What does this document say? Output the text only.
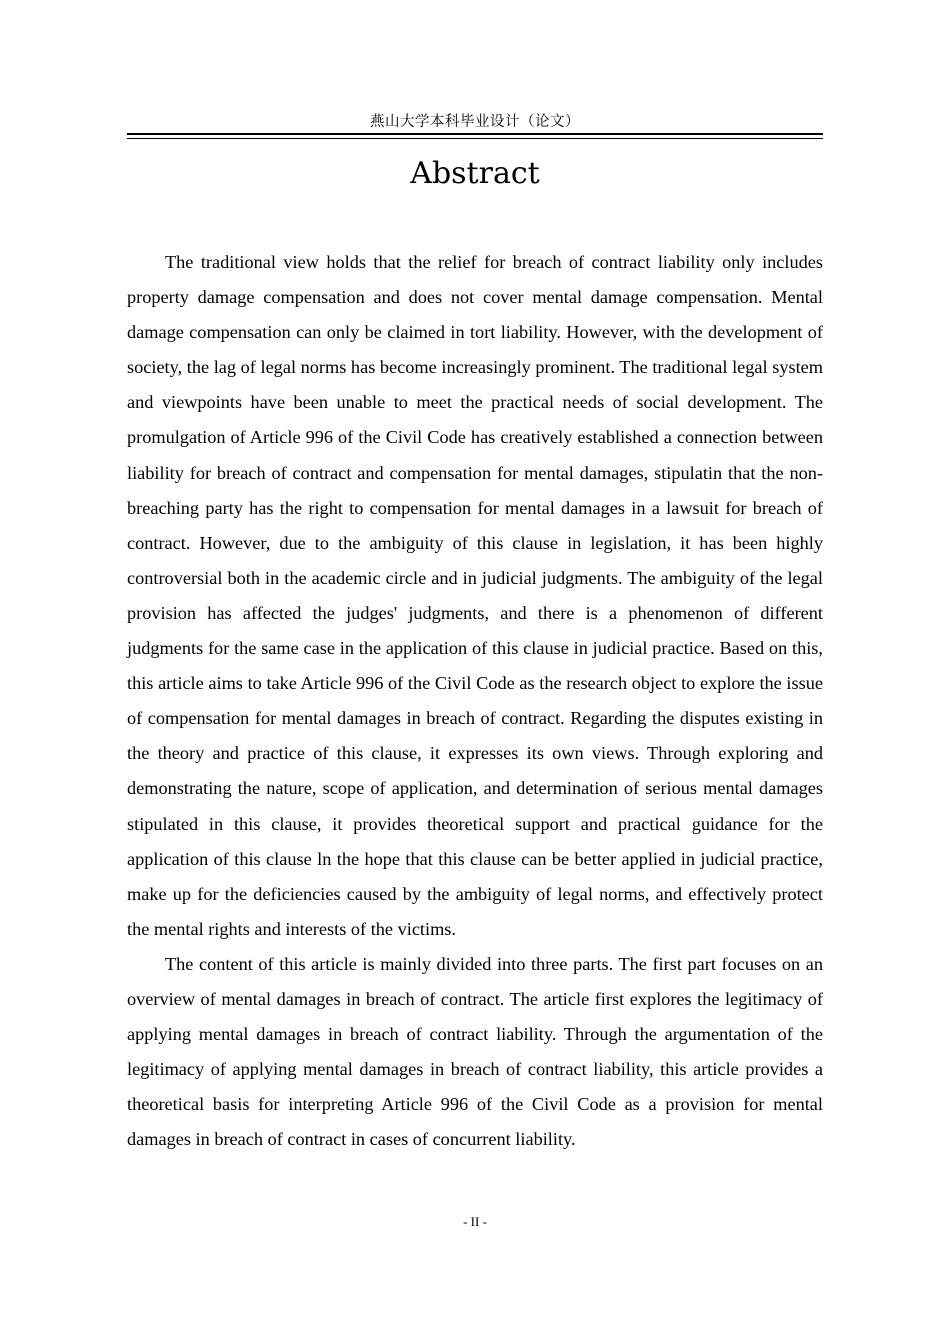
燕山大学本科毕业设计（论文）
Abstract

The traditional view holds that the relief for breach of contract liability only includes property damage compensation and does not cover mental damage compensation. Mental damage compensation can only be claimed in tort liability. However, with the development of society, the lag of legal norms has become increasingly prominent. The traditional legal system and viewpoints have been unable to meet the practical needs of social development. The promulgation of Article 996 of the Civil Code has creatively established a connection between liability for breach of contract and compensation for mental damages, stipulatin that the non-breaching party has the right to compensation for mental damages in a lawsuit for breach of contract. However, due to the ambiguity of this clause in legislation, it has been highly controversial both in the academic circle and in judicial judgments. The ambiguity of the legal provision has affected the judges' judgments, and there is a phenomenon of different judgments for the same case in the application of this clause in judicial practice. Based on this, this article aims to take Article 996 of the Civil Code as the research object to explore the issue of compensation for mental damages in breach of contract. Regarding the disputes existing in the theory and practice of this clause, it expresses its own views. Through exploring and demonstrating the nature, scope of application, and determination of serious mental damages stipulated in this clause, it provides theoretical support and practical guidance for the application of this clause ln the hope that this clause can be better applied in judicial practice, make up for the deficiencies caused by the ambiguity of legal norms, and effectively protect the mental rights and interests of the victims.

The content of this article is mainly divided into three parts. The first part focuses on an overview of mental damages in breach of contract. The article first explores the legitimacy of applying mental damages in breach of contract liability. Through the argumentation of the legitimacy of applying mental damages in breach of contract liability, this article provides a theoretical basis for interpreting Article 996 of the Civil Code as a provision for mental damages in breach of contract in cases of concurrent liability.

- II -
